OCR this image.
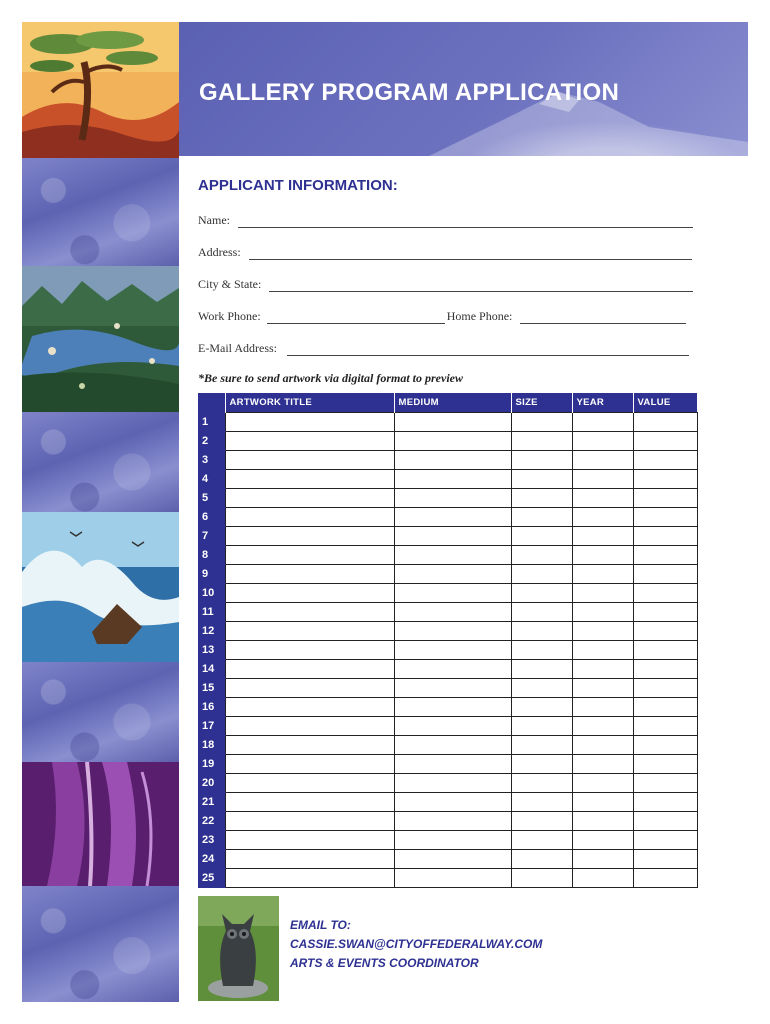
GALLERY PROGRAM APPLICATION
APPLICANT INFORMATION:
Name:
Address:
City & State:
Work Phone:	Home Phone:
E-Mail Address:

*Be sure to send artwork via digital format to preview

	ARTWORK TITLE	MEDIUM	SIZE	YEAR	VALUE
1					
2					
3					
4					
5					
6					
7					
8					
9					
10					
11					
12					
13					
14					
15					
16					
17					
18					
19					
20					
21					
22					
23					
24					
25					
EMAIL TO:
CASSIE.SWAN@CITYOFFEDERALWAY.COM
ARTS & EVENTS COORDINATOR
